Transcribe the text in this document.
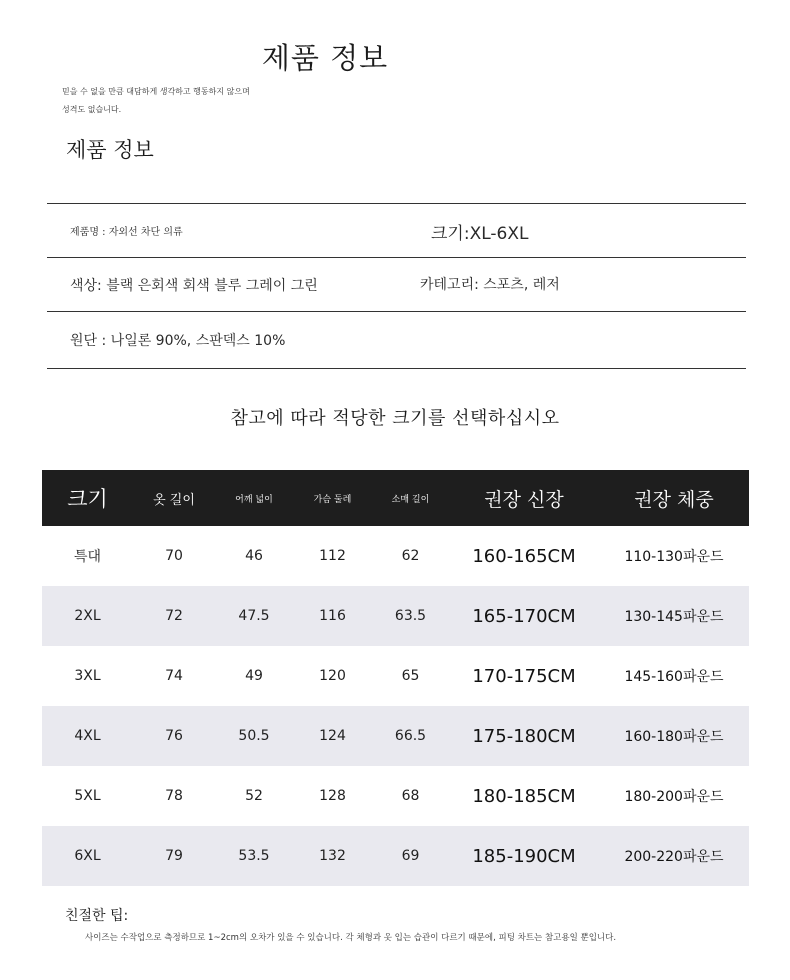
제품 정보
믿을 수 없을 만큼 대담하게 생각하고 행동하지 않으며
성격도 없습니다.
제품 정보
제품명 : 자외선 차단 의류	크기:XL-6XL
색상: 블랙 은회색 회색 블루 그레이 그린	카테고리: 스포츠, 레저
원단 : 나일론 90%, 스판덱스 10%
참고에 따라 적당한 크기를 선택하십시오
크기	옷 길이	어깨 넓이	가슴 둘레	소매 길이	권장 신장	권장 체중
특대	70	46	112	62	160-165CM	110-130파운드
2XL	72	47.5	116	63.5	165-170CM	130-145파운드
3XL	74	49	120	65	170-175CM	145-160파운드
4XL	76	50.5	124	66.5	175-180CM	160-180파운드
5XL	78	52	128	68	180-185CM	180-200파운드
6XL	79	53.5	132	69	185-190CM	200-220파운드
친절한 팁:
사이즈는 수작업으로 측정하므로 1~2cm의 오차가 있을 수 있습니다. 각 체형과 옷 입는 습관이 다르기 때문에, 피팅 차트는 참고용일 뿐입니다.
